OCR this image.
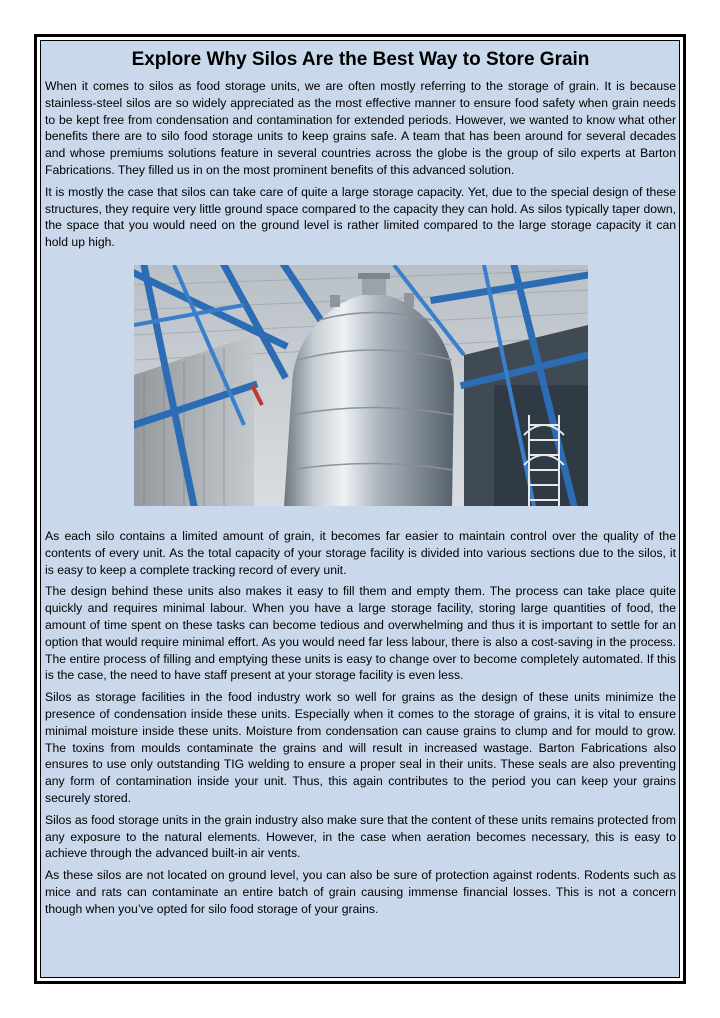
Explore Why Silos Are the Best Way to Store Grain

When it comes to silos as food storage units, we are often mostly referring to the storage of grain. It is because stainless-steel silos are so widely appreciated as the most effective manner to ensure food safety when grain needs to be kept free from condensation and contamination for extended periods. However, we wanted to know what other benefits there are to silo food storage units to keep grains safe. A team that has been around for several decades and whose premiums solutions feature in several countries across the globe is the group of silo experts at Barton Fabrications. They filled us in on the most prominent benefits of this advanced solution.

It is mostly the case that silos can take care of quite a large storage capacity. Yet, due to the special design of these structures, they require very little ground space compared to the capacity they can hold. As silos typically taper down, the space that you would need on the ground level is rather limited compared to the large storage capacity it can hold up high.

As each silo contains a limited amount of grain, it becomes far easier to maintain control over the quality of the contents of every unit. As the total capacity of your storage facility is divided into various sections due to the silos, it is easy to keep a complete tracking record of every unit.

The design behind these units also makes it easy to fill them and empty them. The process can take place quite quickly and requires minimal labour. When you have a large storage facility, storing large quantities of food, the amount of time spent on these tasks can become tedious and overwhelming and thus it is important to settle for an option that would require minimal effort. As you would need far less labour, there is also a cost-saving in the process. The entire process of filling and emptying these units is easy to change over to become completely automated. If this is the case, the need to have staff present at your storage facility is even less.

Silos as storage facilities in the food industry work so well for grains as the design of these units minimize the presence of condensation inside these units. Especially when it comes to the storage of grains, it is vital to ensure minimal moisture inside these units. Moisture from condensation can cause grains to clump and for mould to grow. The toxins from moulds contaminate the grains and will result in increased wastage. Barton Fabrications also ensures to use only outstanding TIG welding to ensure a proper seal in their units. These seals are also preventing any form of contamination inside your unit. Thus, this again contributes to the period you can keep your grains securely stored.

Silos as food storage units in the grain industry also make sure that the content of these units remains protected from any exposure to the natural elements. However, in the case when aeration becomes necessary, this is easy to achieve through the advanced built-in air vents.

As these silos are not located on ground level, you can also be sure of protection against rodents. Rodents such as mice and rats can contaminate an entire batch of grain causing immense financial losses. This is not a concern though when you’ve opted for silo food storage of your grains.
